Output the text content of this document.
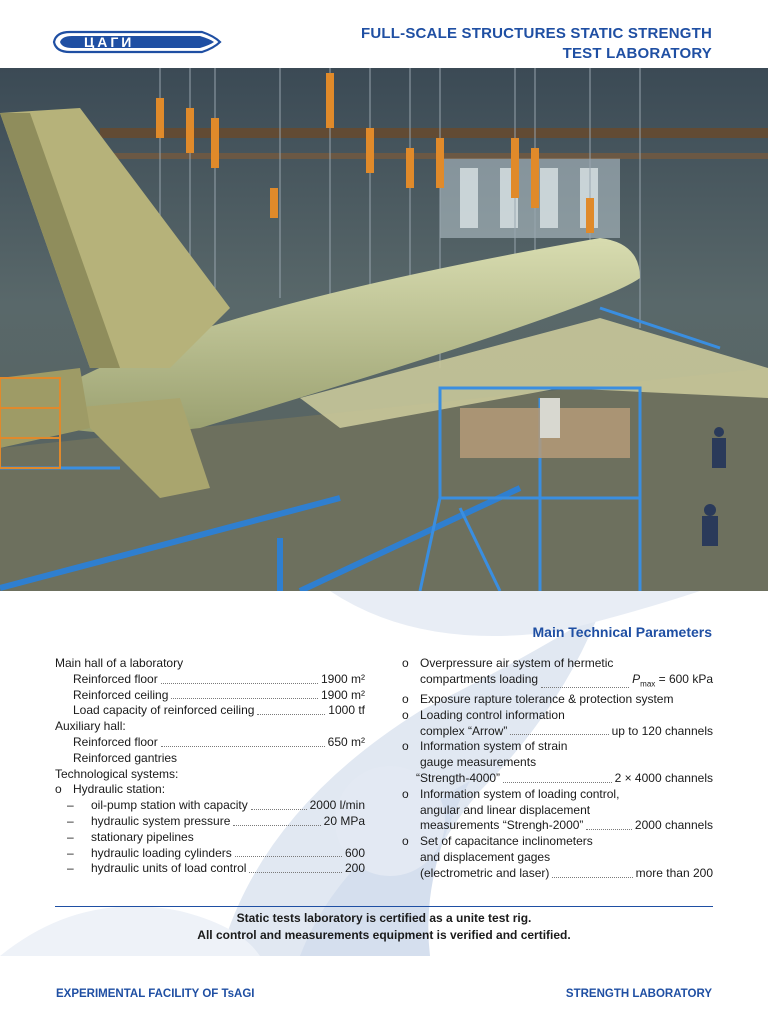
ЦАГИ	FULL-SCALE STRUCTURES STATIC STRENGTH
TEST LABORATORY
Main Technical Parameters
Main hall of a laboratory
Reinforced floor	1900 m²
Reinforced ceiling	1900 m²
Load capacity of reinforced ceiling	1000 tf
Auxiliary hall:
Reinforced floor	650 m²
Reinforced gantries
Technological systems:
o Hydraulic station:
– oil-pump station with capacity	2000 l/min
– hydraulic system pressure	20 MPa
– stationary pipelines
– hydraulic loading cylinders	600
– hydraulic units of load control	200
o Overpressure air system of hermetic
compartments loading	$P_{max} = 600$ kPa
o Exposure rapture tolerance & protection system
o Loading control information
complex “Arrow”	up to 120 channels
o Information system of strain
gauge measurements
“Strength-4000”	2 × 4000 channels
o Information system of loading control,
angular and linear displacement
measurements “Strengh-2000”	2000 channels
o Set of capacitance inclinometers
and displacement gages
(electrometric and laser)	more than 200
Static tests laboratory is certified as a unite test rig.
All control and measurements equipment is verified and certified.
EXPERIMENTAL FACILITY OF TsAGI	STRENGTH LABORATORY
